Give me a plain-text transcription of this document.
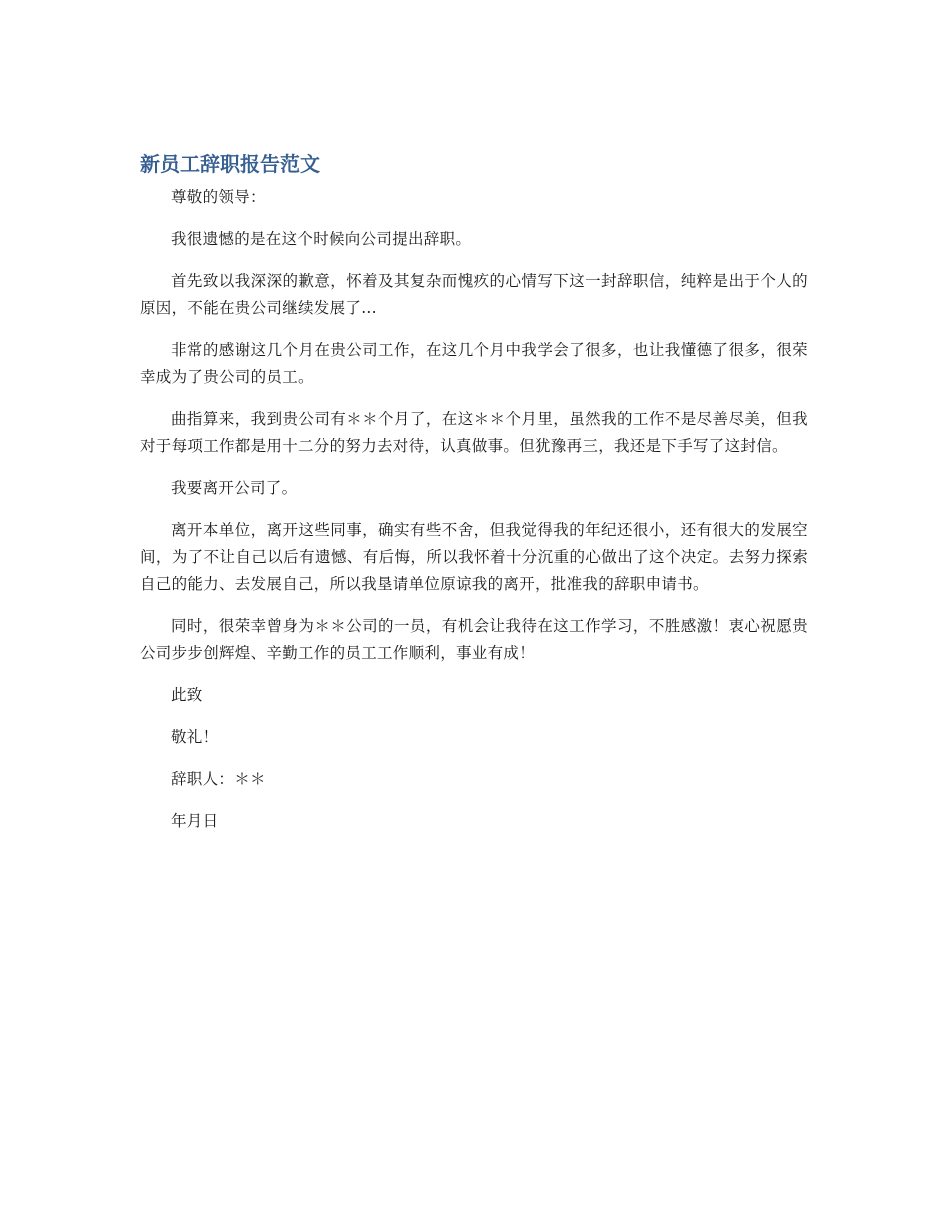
新员工辞职报告范文

尊敬的领导：

我很遗憾的是在这个时候向公司提出辞职。

首先致以我深深的歉意，怀着及其复杂而愧疚的心情写下这一封辞职信，纯粹是出于个人的原因，不能在贵公司继续发展了...

非常的感谢这几个月在贵公司工作，在这几个月中我学会了很多，也让我懂德了很多，很荣幸成为了贵公司的员工。

曲指算来，我到贵公司有＊＊个月了，在这＊＊个月里，虽然我的工作不是尽善尽美，但我对于每项工作都是用十二分的努力去对待，认真做事。但犹豫再三，我还是下手写了这封信。

我要离开公司了。

离开本单位，离开这些同事，确实有些不舍，但我觉得我的年纪还很小，还有很大的发展空间，为了不让自己以后有遗憾、有后悔，所以我怀着十分沉重的心做出了这个决定。去努力探索自己的能力、去发展自己，所以我垦请单位原谅我的离开，批准我的辞职申请书。

同时，很荣幸曾身为＊＊公司的一员，有机会让我待在这工作学习，不胜感激！衷心祝愿贵公司步步创辉煌、辛勤工作的员工工作顺利，事业有成！

此致

敬礼！

辞职人：＊＊

年月日
